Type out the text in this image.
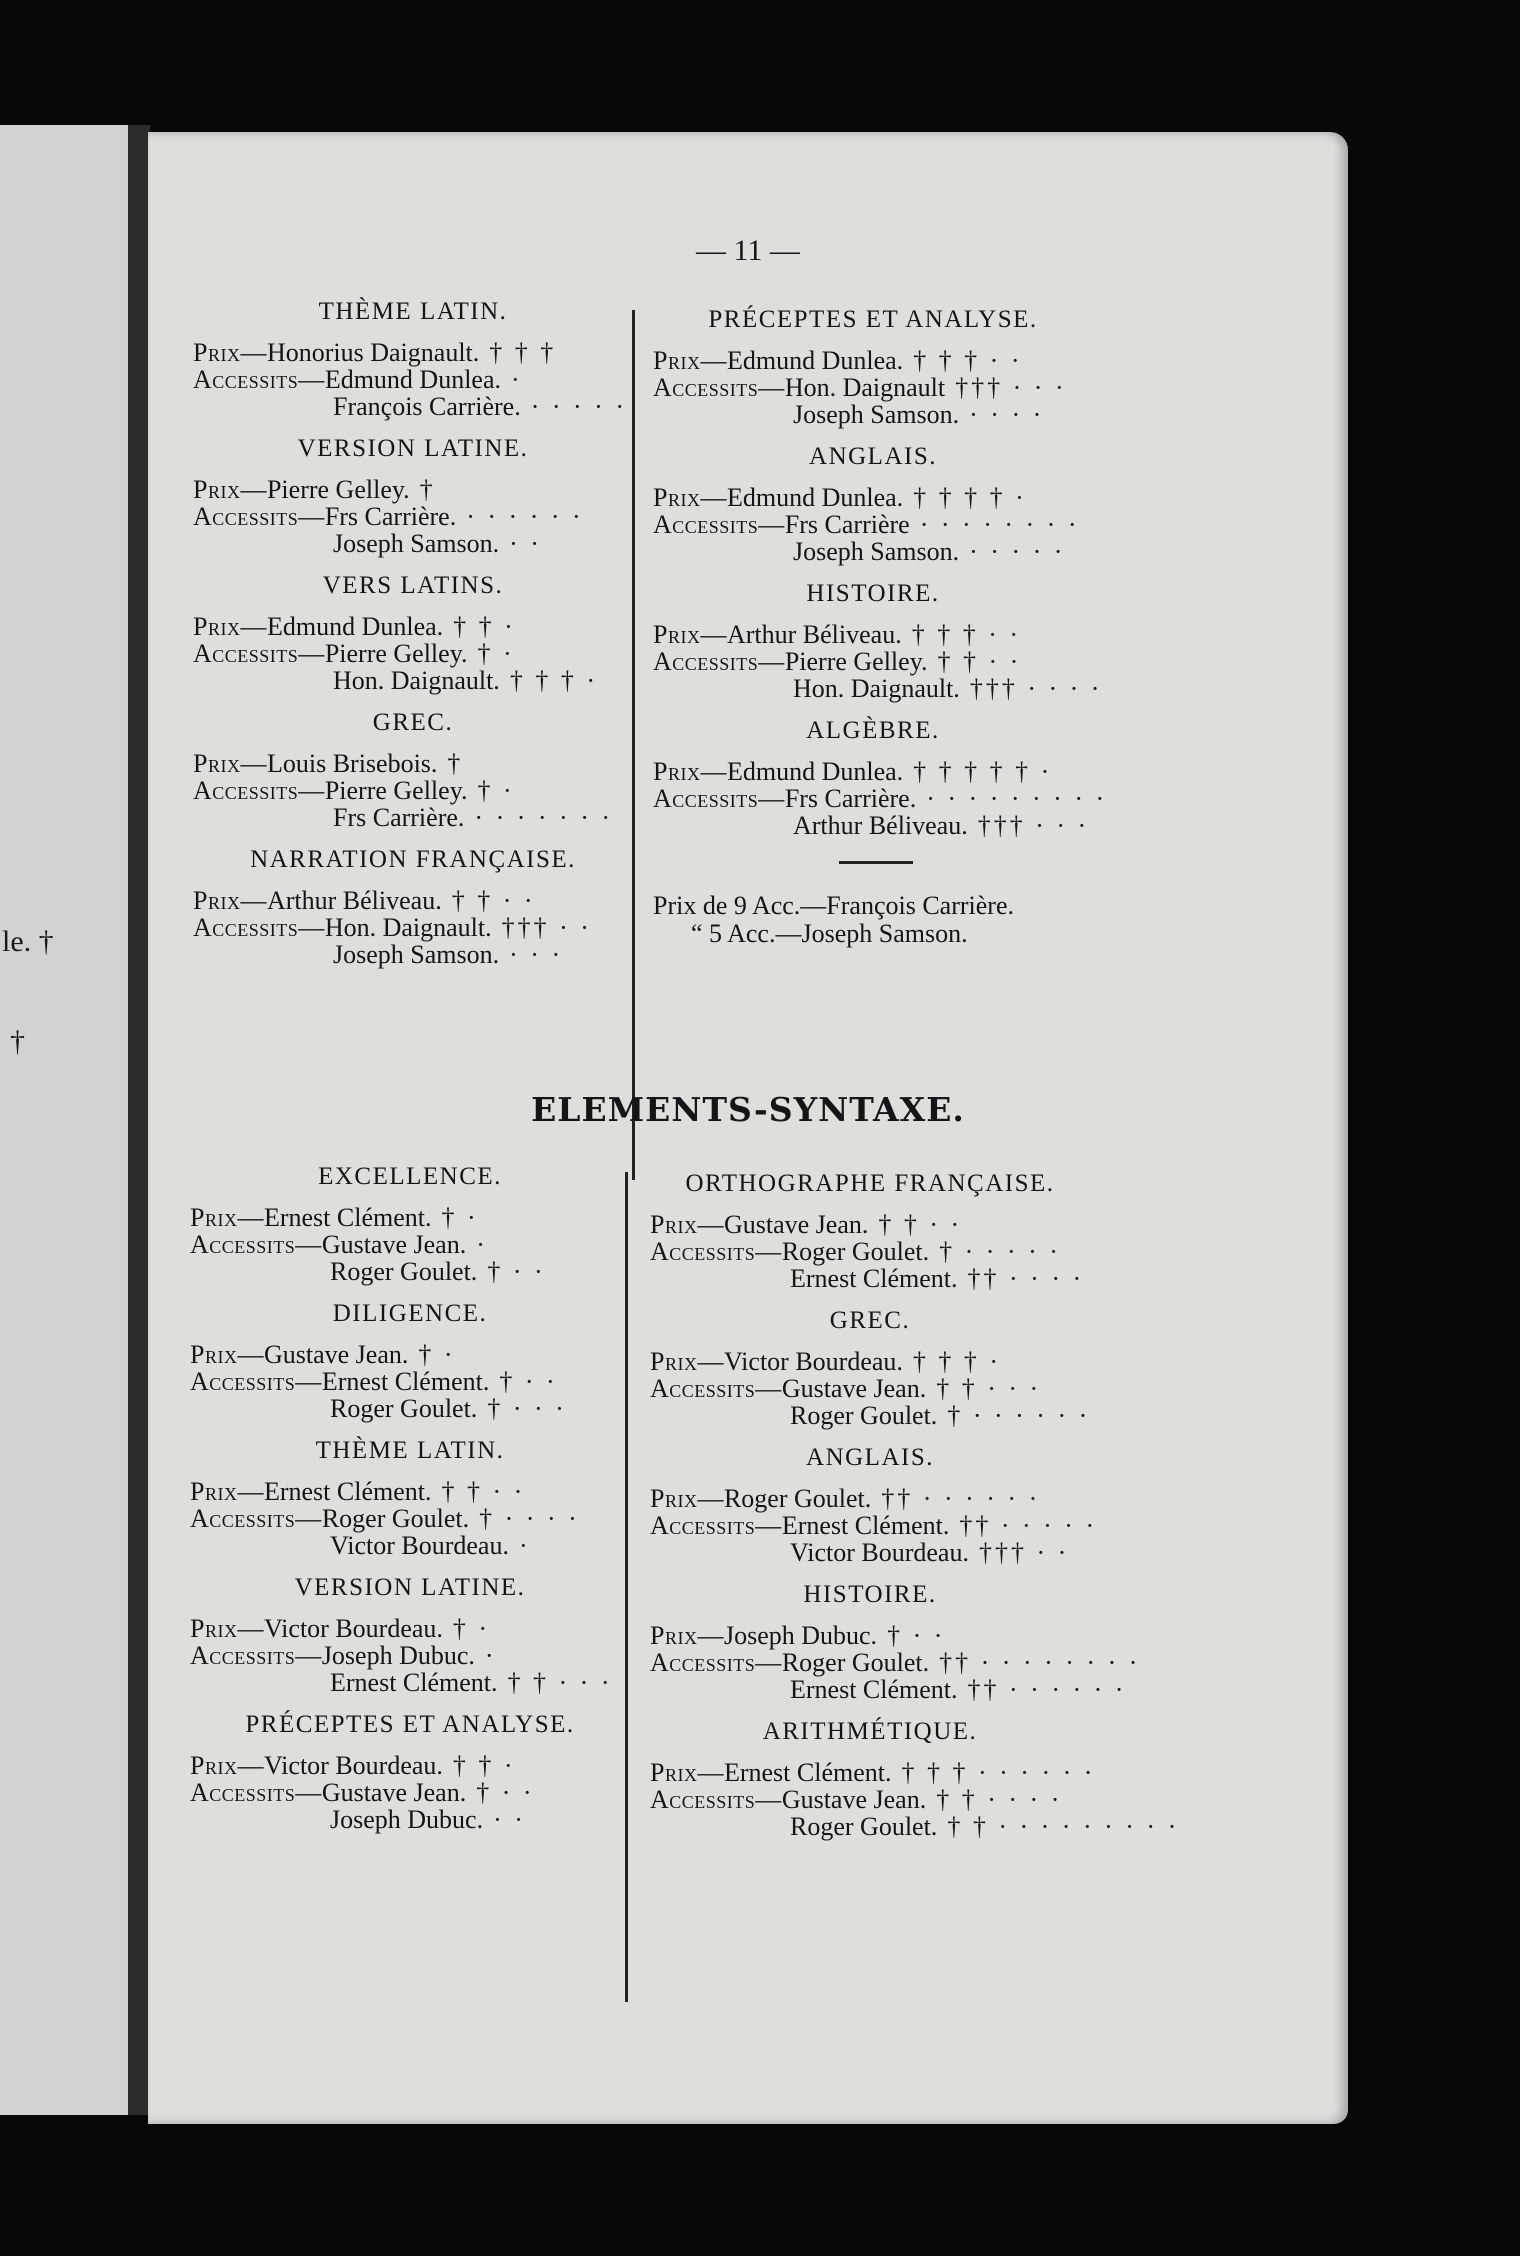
le. †
†
— 11 —
THÈME LATIN.
Prix—Honorius Daignault. † † †
Accessits—Edmund Dunlea. ·
François Carrière. · · · · ·
VERSION LATINE.
Prix—Pierre Gelley. †
Accessits—Frs Carrière. · · · · · ·
Joseph Samson. · ·
VERS LATINS.
Prix—Edmund Dunlea. † † ·
Accessits—Pierre Gelley. † ·
Hon. Daignault. † † † ·
GREC.
Prix—Louis Brisebois. †
Accessits—Pierre Gelley. † ·
Frs Carrière. · · · · · · ·
NARRATION FRANÇAISE.
Prix—Arthur Béliveau. † † · ·
Accessits—Hon. Daignault. ††† · ·
Joseph Samson. · · ·
PRÉCEPTES ET ANALYSE.
Prix—Edmund Dunlea. † † † · ·
Accessits—Hon. Daignault ††† · · ·
Joseph Samson. · · · ·
ANGLAIS.
Prix—Edmund Dunlea. † † † † ·
Accessits—Frs Carrière · · · · · · · ·
Joseph Samson. · · · · ·
HISTOIRE.
Prix—Arthur Béliveau. † † † · ·
Accessits—Pierre Gelley. † † · ·
Hon. Daignault. ††† · · · ·
ALGÈBRE.
Prix—Edmund Dunlea. † † † † † ·
Accessits—Frs Carrière. · · · · · · · · ·
Arthur Béliveau. ††† · · ·
Prix de 9 Acc.—François Carrière.
“ 5 Acc.—Joseph Samson.
ELEMENTS-SYNTAXE.
EXCELLENCE.
Prix—Ernest Clément. † ·
Accessits—Gustave Jean. ·
Roger Goulet. † · ·
DILIGENCE.
Prix—Gustave Jean. † ·
Accessits—Ernest Clément. † · ·
Roger Goulet. † · · ·
THÈME LATIN.
Prix—Ernest Clément. † † · ·
Accessits—Roger Goulet. † · · · ·
Victor Bourdeau. ·
VERSION LATINE.
Prix—Victor Bourdeau. † ·
Accessits—Joseph Dubuc. ·
Ernest Clément. † † · · ·
PRÉCEPTES ET ANALYSE.
Prix—Victor Bourdeau. † † ·
Accessits—Gustave Jean. † · ·
Joseph Dubuc. · ·
ORTHOGRAPHE FRANÇAISE.
Prix—Gustave Jean. † † · ·
Accessits—Roger Goulet. † · · · · ·
Ernest Clément. †† · · · ·
GREC.
Prix—Victor Bourdeau. † † † ·
Accessits—Gustave Jean. † † · · ·
Roger Goulet. † · · · · · ·
ANGLAIS.
Prix—Roger Goulet. †† · · · · · ·
Accessits—Ernest Clément. †† · · · · ·
Victor Bourdeau. ††† · ·
HISTOIRE.
Prix—Joseph Dubuc. † · ·
Accessits—Roger Goulet. †† · · · · · · · ·
Ernest Clément. †† · · · · · ·
ARITHMÉTIQUE.
Prix—Ernest Clément. † † † · · · · · ·
Accessits—Gustave Jean. † † · · · ·
Roger Goulet. † † · · · · · · · · ·
